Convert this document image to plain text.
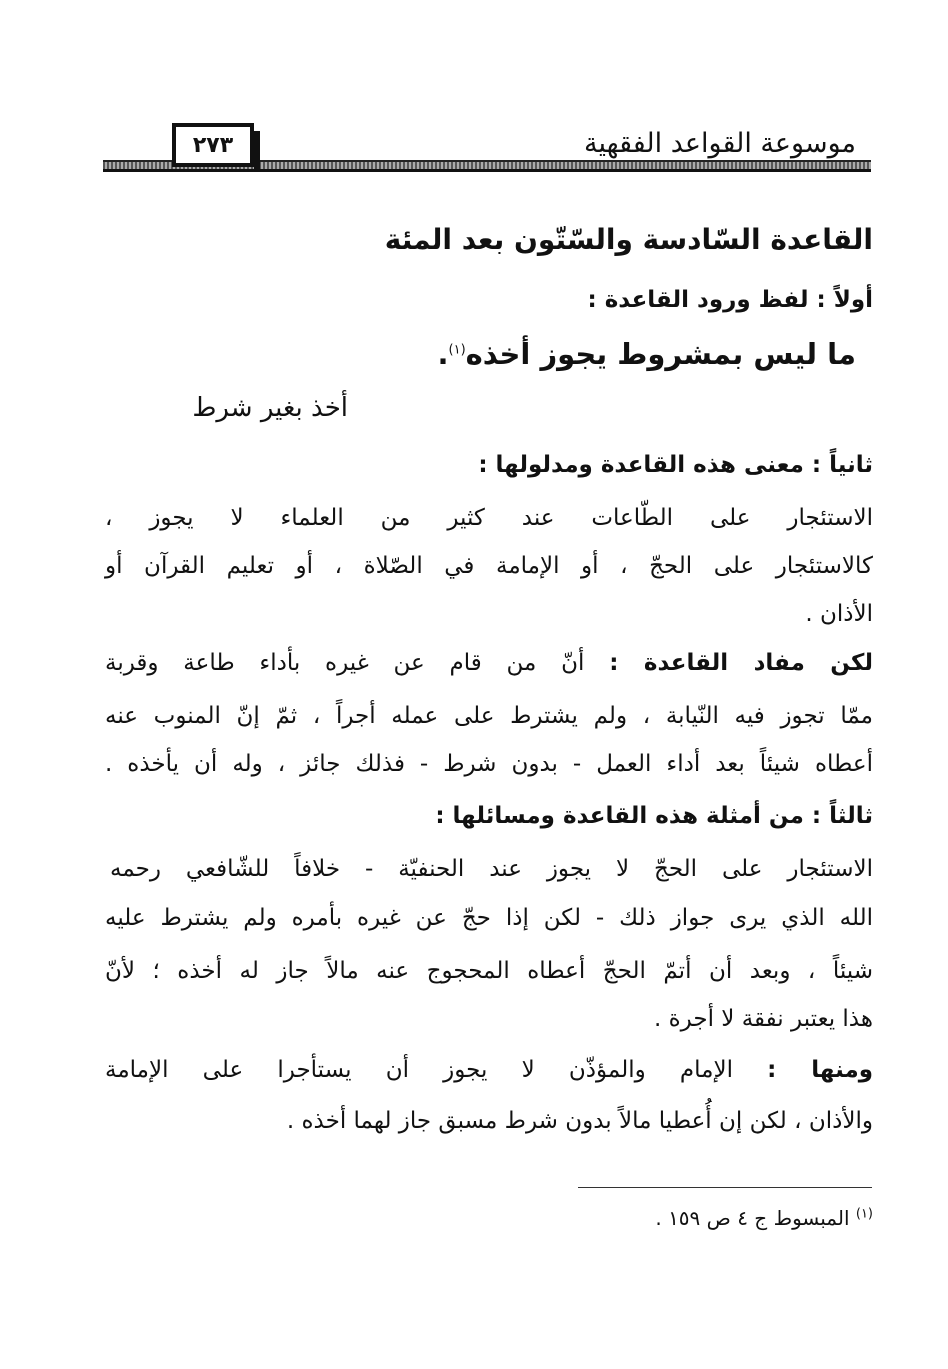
موسوعة القواعد الفقهية
٢٧٣
القاعدة السّادسة والسّتّون بعد المئة
أولاً : لفظ ورود القاعدة :
ما ليس بمشروط يجوز أخذه$^{(١)}$.
أخذ بغير شرط
ثانياً : معنى هذه القاعدة ومدلولها :
الاستئجار على الطّاعات عند كثير من العلماء لا يجوز ،
كالاستئجار على الحجّ ، أو الإمامة في الصّلاة ، أو تعليم القرآن أو
الأذان .
لكن مفاد القاعدة : أنّ من قام عن غيره بأداء طاعة وقربة
ممّا تجوز فيه النّيابة ، ولم يشترط على عمله أجراً ، ثمّ إنّ المنوب عنه
أعطاه شيئاً بعد أداء العمل - بدون شرط - فذلك جائز ، وله أن يأخذه .
ثالثاً : من أمثلة هذه القاعدة ومسائلها :
الاستئجار على الحجّ لا يجوز عند الحنفيّة - خلافاً للشّافعي رحمه
الله الذي يرى جواز ذلك - لكن إذا حجّ عن غيره بأمره ولم يشترط عليه
شيئاً ، وبعد أن أتمّ الحجّ أعطاه المحجوج عنه مالاً جاز له أخذه ؛ لأنّ
هذا يعتبر نفقة لا أجرة .
ومنها : الإمام والمؤذّن لا يجوز أن يستأجرا على الإمامة
والأذان ، لكن إن أُعطيا مالاً بدون شرط مسبق جاز لهما أخذه .
$^{(١)}$ المبسوط ج ٤ ص ١٥٩ .
